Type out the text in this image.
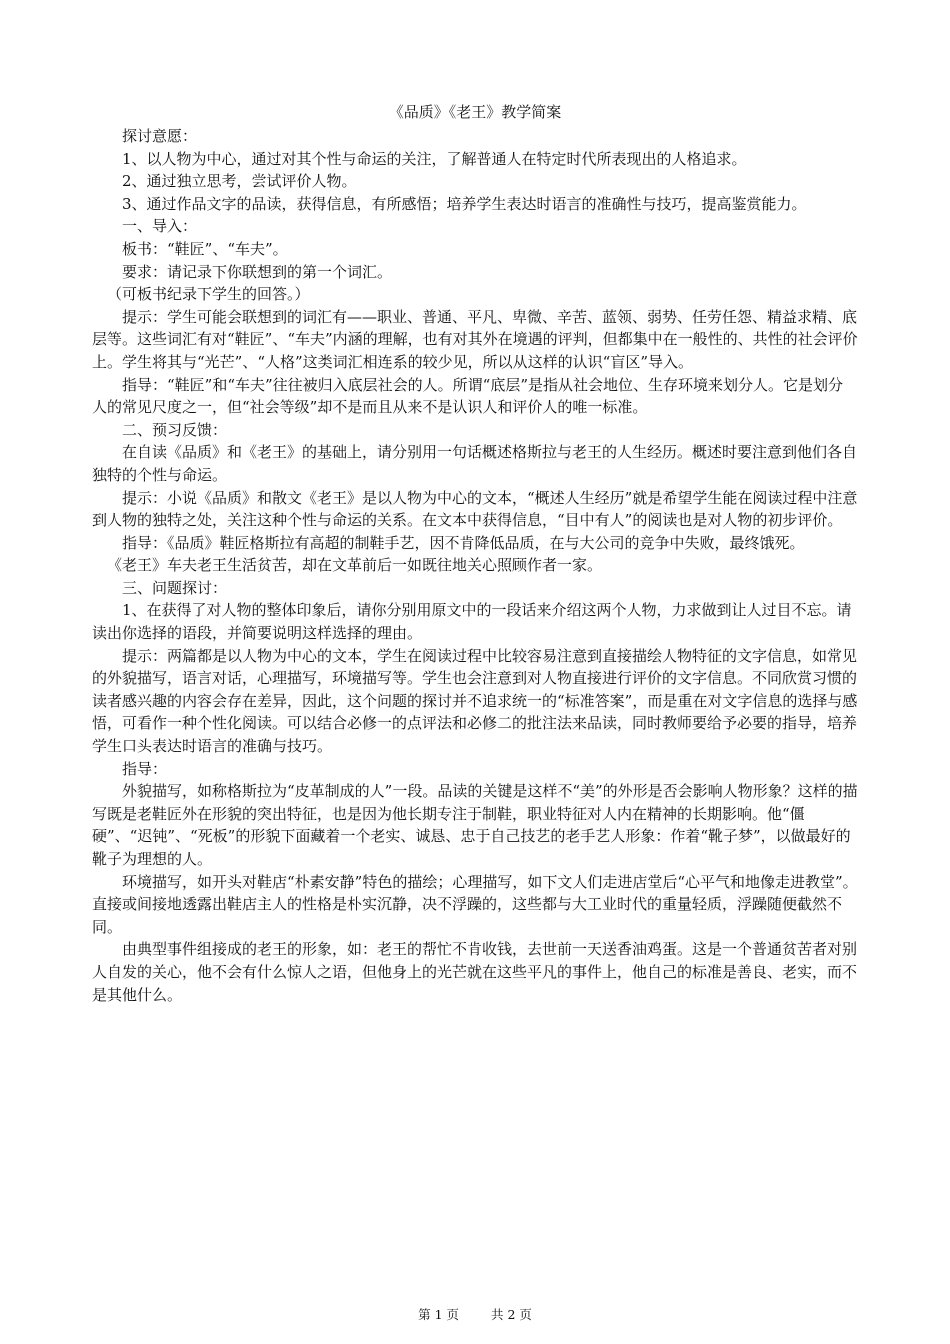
《品质》《老王》教学简案

探讨意愿：

1、以人物为中心，通过对其个性与命运的关注，了解普通人在特定时代所表现出的人格追求。

2、通过独立思考，尝试评价人物。

3、通过作品文字的品读，获得信息，有所感悟；培养学生表达时语言的准确性与技巧，提高鉴赏能力。

一、导入：

板书：“鞋匠”、“车夫”。

要求：请记录下你联想到的第一个词汇。

（可板书纪录下学生的回答。）

提示：学生可能会联想到的词汇有——职业、普通、平凡、卑微、辛苦、蓝领、弱势、任劳任怨、精益求精、底层等。这些词汇有对“鞋匠”、“车夫”内涵的理解，也有对其外在境遇的评判，但都集中在一般性的、共性的社会评价上。学生将其与“光芒”、“人格”这类词汇相连系的较少见，所以从这样的认识“盲区”导入。

指导：“鞋匠”和“车夫”往往被归入底层社会的人。所谓“底层”是指从社会地位、生存环境来划分人。它是划分人的常见尺度之一，但“社会等级”却不是而且从来不是认识人和评价人的唯一标准。

二、预习反馈：

在自读《品质》和《老王》的基础上，请分别用一句话概述格斯拉与老王的人生经历。概述时要注意到他们各自独特的个性与命运。

提示：小说《品质》和散文《老王》是以人物为中心的文本，“概述人生经历”就是希望学生能在阅读过程中注意到人物的独特之处，关注这种个性与命运的关系。在文本中获得信息，“目中有人”的阅读也是对人物的初步评价。

指导：《品质》鞋匠格斯拉有高超的制鞋手艺，因不肯降低品质，在与大公司的竞争中失败，最终饿死。

《老王》车夫老王生活贫苦，却在文革前后一如既往地关心照顾作者一家。

三、问题探讨：

1、在获得了对人物的整体印象后，请你分别用原文中的一段话来介绍这两个人物，力求做到让人过目不忘。请读出你选择的语段，并简要说明这样选择的理由。

提示：两篇都是以人物为中心的文本，学生在阅读过程中比较容易注意到直接描绘人物特征的文字信息，如常见的外貌描写，语言对话，心理描写，环境描写等。学生也会注意到对人物直接进行评价的文字信息。不同欣赏习惯的读者感兴趣的内容会存在差异，因此，这个问题的探讨并不追求统一的“标准答案”，而是重在对文字信息的选择与感悟，可看作一种个性化阅读。可以结合必修一的点评法和必修二的批注法来品读，同时教师要给予必要的指导，培养学生口头表达时语言的准确与技巧。

指导：

外貌描写，如称格斯拉为“皮革制成的人”一段。品读的关键是这样不“美”的外形是否会影响人物形象？这样的描写既是老鞋匠外在形貌的突出特征，也是因为他长期专注于制鞋，职业特征对人内在精神的长期影响。他“僵硬”、“迟钝”、“死板”的形貌下面藏着一个老实、诚恳、忠于自己技艺的老手艺人形象：作着“靴子梦”，以做最好的靴子为理想的人。

环境描写，如开头对鞋店“朴素安静”特色的描绘；心理描写，如下文人们走进店堂后“心平气和地像走进教堂”。直接或间接地透露出鞋店主人的性格是朴实沉静，决不浮躁的，这些都与大工业时代的重量轻质，浮躁随便截然不同。

由典型事件组接成的老王的形象，如：老王的帮忙不肯收钱，去世前一天送香油鸡蛋。这是一个普通贫苦者对别人自发的关心，他不会有什么惊人之语，但他身上的光芒就在这些平凡的事件上，他自己的标准是善良、老实，而不是其他什么。

第 1 页	共 2 页
